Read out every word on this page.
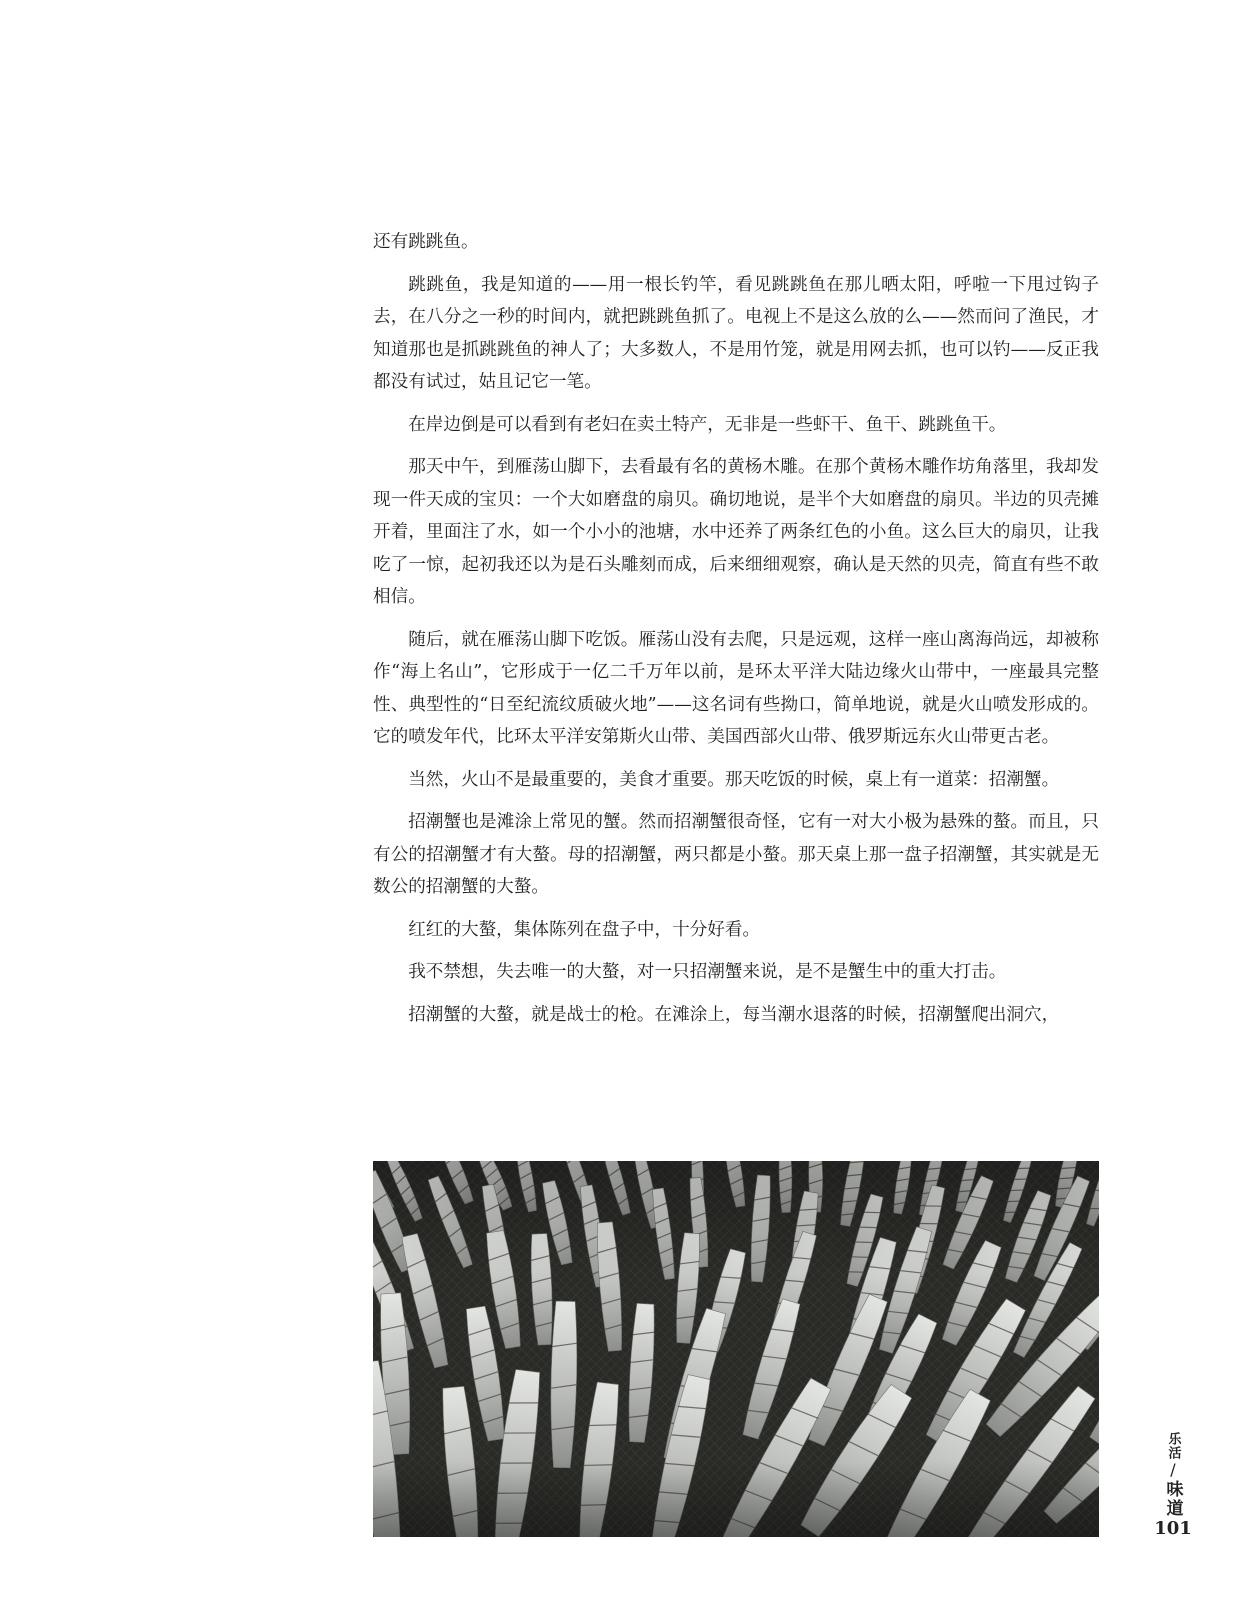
还有跳跳鱼。

跳跳鱼，我是知道的——用一根长钓竿，看见跳跳鱼在那儿晒太阳，呼啦一下甩过钩子去，在八分之一秒的时间内，就把跳跳鱼抓了。电视上不是这么放的么——然而问了渔民，才知道那也是抓跳跳鱼的神人了；大多数人，不是用竹笼，就是用网去抓，也可以钓——反正我都没有试过，姑且记它一笔。

在岸边倒是可以看到有老妇在卖土特产，无非是一些虾干、鱼干、跳跳鱼干。

那天中午，到雁荡山脚下，去看最有名的黄杨木雕。在那个黄杨木雕作坊角落里，我却发现一件天成的宝贝：一个大如磨盘的扇贝。确切地说，是半个大如磨盘的扇贝。半边的贝壳摊开着，里面注了水，如一个小小的池塘，水中还养了两条红色的小鱼。这么巨大的扇贝，让我吃了一惊，起初我还以为是石头雕刻而成，后来细细观察，确认是天然的贝壳，简直有些不敢相信。

随后，就在雁荡山脚下吃饭。雁荡山没有去爬，只是远观，这样一座山离海尚远，却被称作“海上名山”，它形成于一亿二千万年以前，是环太平洋大陆边缘火山带中，一座最具完整性、典型性的“日至纪流纹质破火地”——这名词有些拗口，简单地说，就是火山喷发形成的。它的喷发年代，比环太平洋安第斯火山带、美国西部火山带、俄罗斯远东火山带更古老。

当然，火山不是最重要的，美食才重要。那天吃饭的时候，桌上有一道菜：招潮蟹。

招潮蟹也是滩涂上常见的蟹。然而招潮蟹很奇怪，它有一对大小极为悬殊的螯。而且，只有公的招潮蟹才有大螯。母的招潮蟹，两只都是小螯。那天桌上那一盘子招潮蟹，其实就是无数公的招潮蟹的大螯。

红红的大螯，集体陈列在盘子中，十分好看。

我不禁想，失去唯一的大螯，对一只招潮蟹来说，是不是蟹生中的重大打击。

招潮蟹的大螯，就是战士的枪。在滩涂上，每当潮水退落的时候，招潮蟹爬出洞穴，

乐活
/
味道
101
